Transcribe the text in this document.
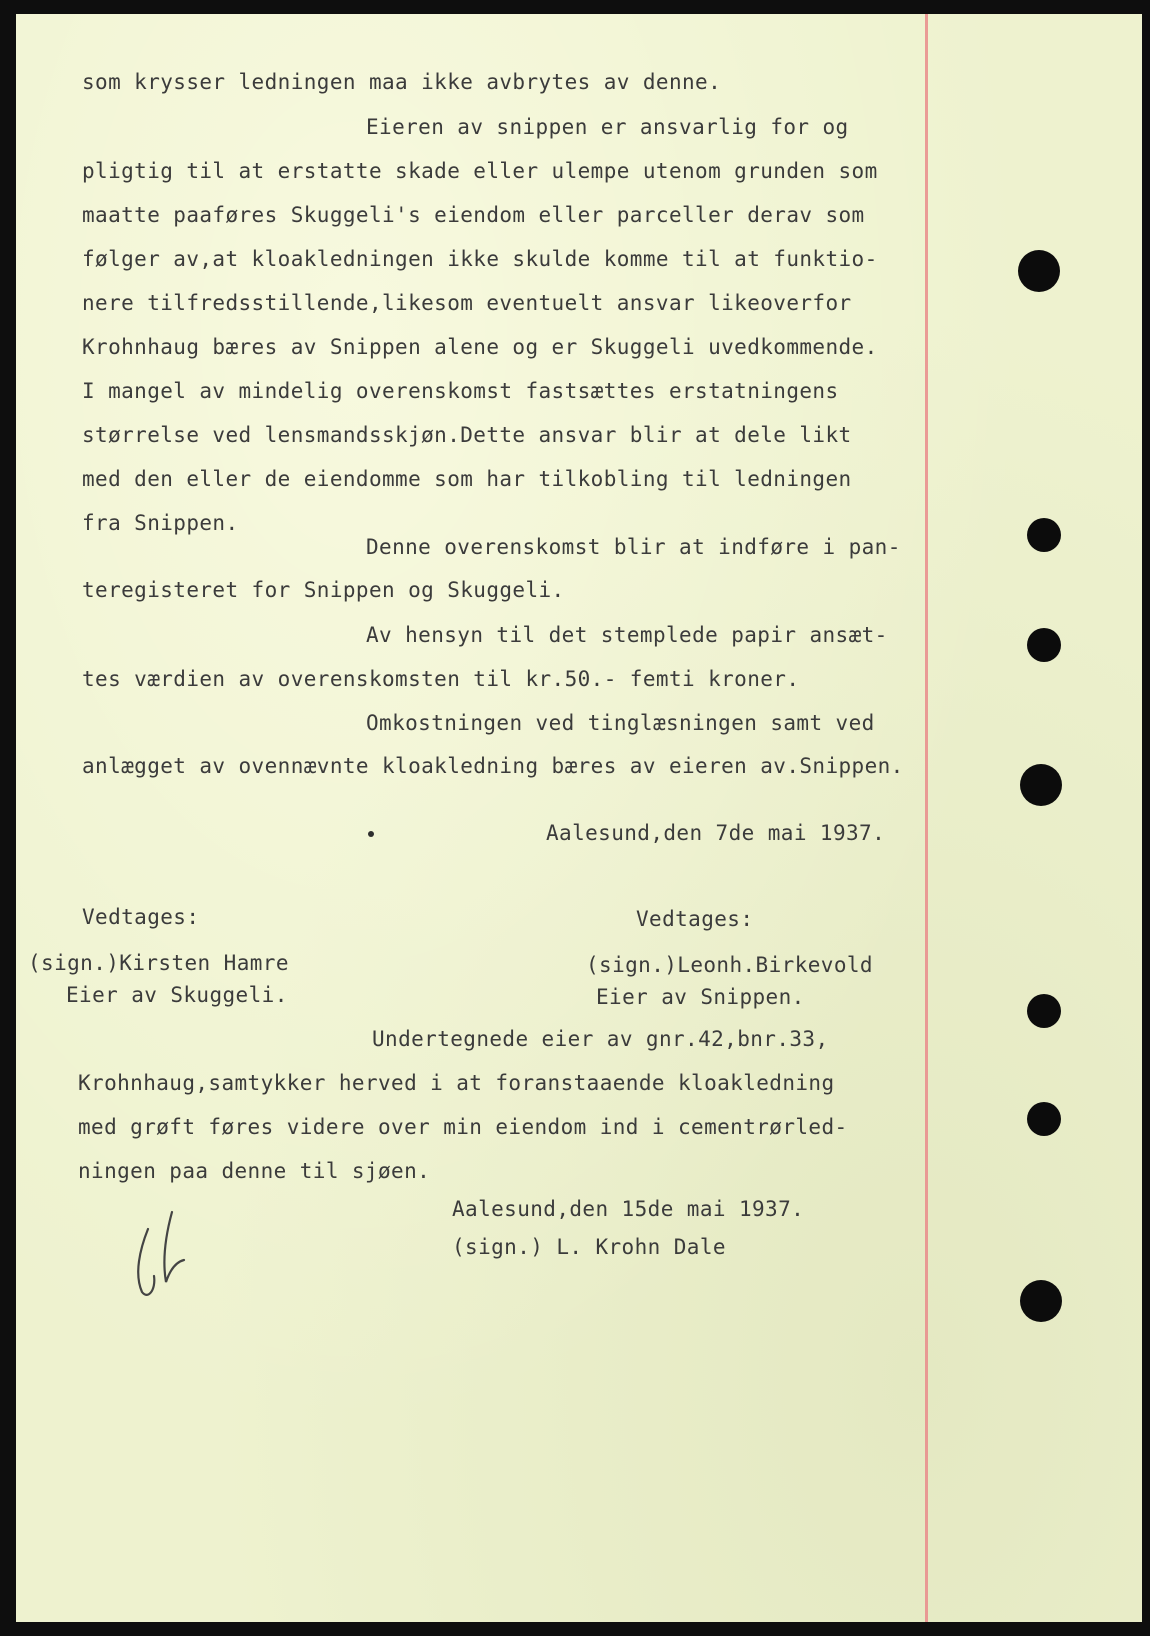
som krysser ledningen maa ikke avbrytes av denne.
Eieren av snippen er ansvarlig for og
pligtig til at erstatte skade eller ulempe utenom grunden som
maatte paaføres Skuggeli's eiendom eller parceller derav som
følger av,at kloakledningen ikke skulde komme til at funktio-
nere tilfredsstillende,likesom eventuelt ansvar likeoverfor
Krohnhaug bæres av Snippen alene og er Skuggeli uvedkommende.
I mangel av mindelig overenskomst fastsættes erstatningens
størrelse ved lensmandsskjøn.Dette ansvar blir at dele likt
med den eller de eiendomme som har tilkobling til ledningen
fra Snippen.
Denne overenskomst blir at indføre i pan-
teregisteret for Snippen og Skuggeli.
Av hensyn til det stemplede papir ansæt-
tes værdien av overenskomsten til kr.50.- femti kroner.
Omkostningen ved tinglæsningen samt ved
anlægget av ovennævnte kloakledning bæres av eieren av.Snippen.
Aalesund,den 7de mai 1937.
Vedtages:	Vedtages:
(sign.)Kirsten Hamre	(sign.)Leonh.Birkevold
Eier av Skuggeli.	Eier av Snippen.
Undertegnede eier av gnr.42,bnr.33,
Krohnhaug,samtykker herved i at foranstaaende kloakledning
med grøft føres videre over min eiendom ind i cementrørled-
ningen paa denne til sjøen.
Aalesund,den 15de mai 1937.
(sign.) L. Krohn Dale
